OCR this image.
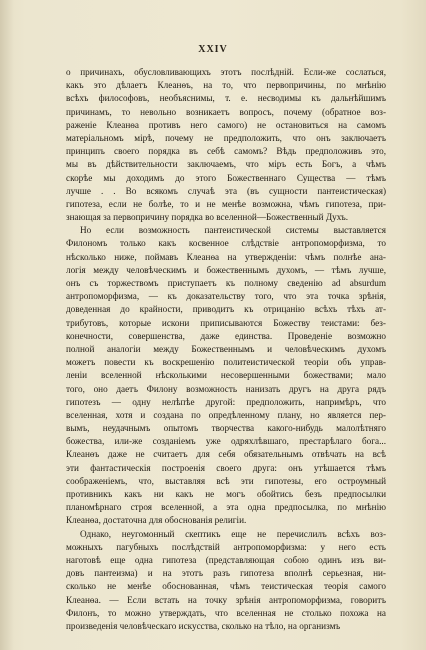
XXIV
о причинахъ, обусловливающихъ этотъ послѣдній. Если-же сослаться,
какъ это дѣлаетъ Клеанѳъ, на то, что первопричины, по мнѣнію
всѣхъ философовъ, необъяснимы, т. е. несводимы къ дальнѣйшимъ
причинамъ, то невольно возникаетъ вопросъ, почему (обратное воз-
раженіе Клеанѳа противъ него самого) не остановиться на самомъ
матеріальномъ мірѣ, почему не предположить, что онъ заключаетъ
принципъ своего порядка въ себѣ самомъ? Вѣдь предположивъ это,
мы въ дѣйствительности заключаемъ, что міръ есть Богъ, а чѣмъ
скорѣе мы доходимъ до этого Божественнаго Существа — тѣмъ
лучше . . Во всякомъ случаѣ эта (въ сущности пантеистическая)
гипотеза, если не болѣе, то и не менѣе возможна, чѣмъ гипотеза, при-
знающая за первопричину порядка во вселенной—Божественный Духъ.
Но если возможность пантеистической системы выставляется
Филономъ только какъ косвенное слѣдствіе антропоморфизма, то
нѣсколько ниже, поймавъ Клеанѳа на утвержденіи: чѣмъ полнѣе ана-
логія между человѣческимъ и божественнымъ духомъ, — тѣмъ лучше,
онъ съ торжествомъ приступаетъ къ полному сведенію ad absurdum
антропоморфизма, — къ доказательству того, что эта точка зрѣнія,
доведенная до крайности, приводитъ къ отрицанію всѣхъ тѣхъ ат-
трибутовъ, которые искони приписываются Божеству теистами: без-
конечности, совершенства, даже единства. Проведеніе возможно
полной аналогіи между Божественнымъ и человѣческимъ духомъ
можетъ повести къ воскрешенію политеистической теоріи объ управ-
леніи вселенной нѣсколькими несовершенными божествами; мало
того, оно даетъ Филону возможность нанизать другъ на друга рядъ
гипотезъ — одну нелѣпѣе другой: предположить, напримѣръ, что
вселенная, хотя и создана по опредѣленному плану, но является пер-
вымъ, неудачнымъ опытомъ творчества какого-нибудь малолѣтняго
божества, или-же созданіемъ уже одряхлѣвшаго, престарѣлаго бога...
Клеанѳъ даже не считаетъ для себя обязательнымъ отвѣчать на всѣ
эти фантастическія построенія своего друга: онъ утѣшается тѣмъ
соображеніемъ, что, выставляя всѣ эти гипотезы, его остроумный
противникъ какъ ни какъ не могъ обойтись безъ предпосылки
планомѣрнаго строя вселенной, а эта одна предпосылка, по мнѣнію
Клеанѳа, достаточна для обоснованія религіи.
Однако, неугомонный скептикъ еще не перечислилъ всѣхъ воз-
можныхъ пагубныхъ послѣдствій антропоморфизма: у него есть
наготовѣ еще одна гипотеза (представляющая собою одинъ изъ ви-
довъ пантеизма) и на этотъ разъ гипотеза вполнѣ серьезная, ни-
сколько не менѣе обоснованная, чѣмъ теистическая теорія самого
Клеанѳа. — Если встать на точку зрѣнія антропоморфизма, говоритъ
Филонъ, то можно утверждать, что вселенная не столько похожа на
произведенія человѣческаго искусства, сколько на тѣло, на организмъ
